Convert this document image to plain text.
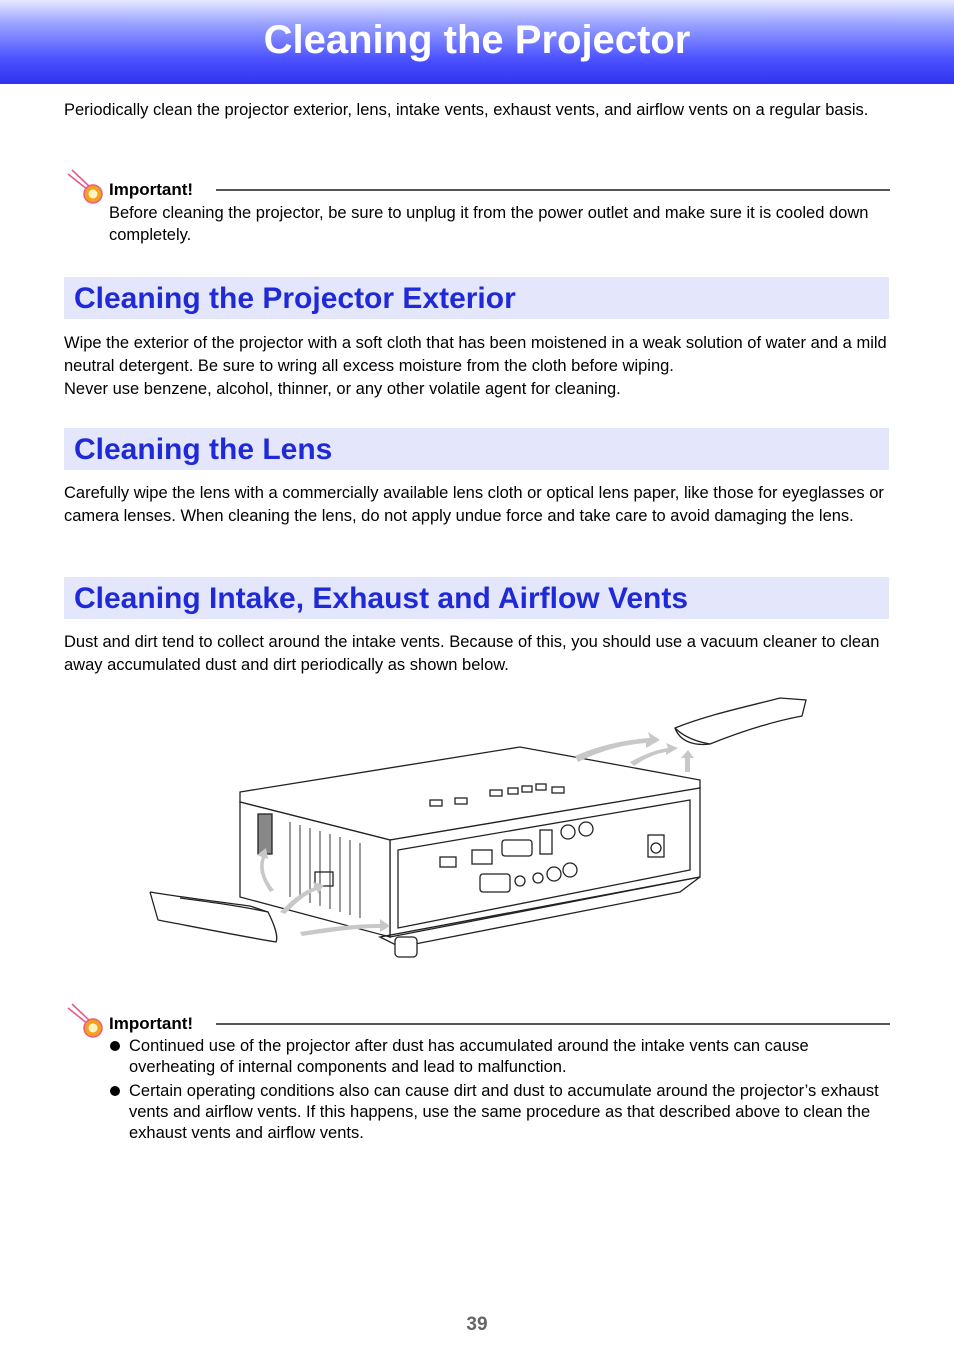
Cleaning the Projector

Periodically clean the projector exterior, lens, intake vents, exhaust vents, and airflow vents on a regular basis.

Important!

Before cleaning the projector, be sure to unplug it from the power outlet and make sure it is cooled down completely.

Cleaning the Projector Exterior

Wipe the exterior of the projector with a soft cloth that has been moistened in a weak solution of water and a mild neutral detergent. Be sure to wring all excess moisture from the cloth before wiping.

Never use benzene, alcohol, thinner, or any other volatile agent for cleaning.

Cleaning the Lens

Carefully wipe the lens with a commercially available lens cloth or optical lens paper, like those for eyeglasses or camera lenses. When cleaning the lens, do not apply undue force and take care to avoid damaging the lens.

Cleaning Intake, Exhaust and Airflow Vents

Dust and dirt tend to collect around the intake vents. Because of this, you should use a vacuum cleaner to clean away accumulated dust and dirt periodically as shown below.

Important!
Continued use of the projector after dust has accumulated around the intake vents can cause overheating of internal components and lead to malfunction.
Certain operating conditions also can cause dirt and dust to accumulate around the projector’s exhaust vents and airflow vents. If this happens, use the same procedure as that described above to clean the exhaust vents and airflow vents.
39
